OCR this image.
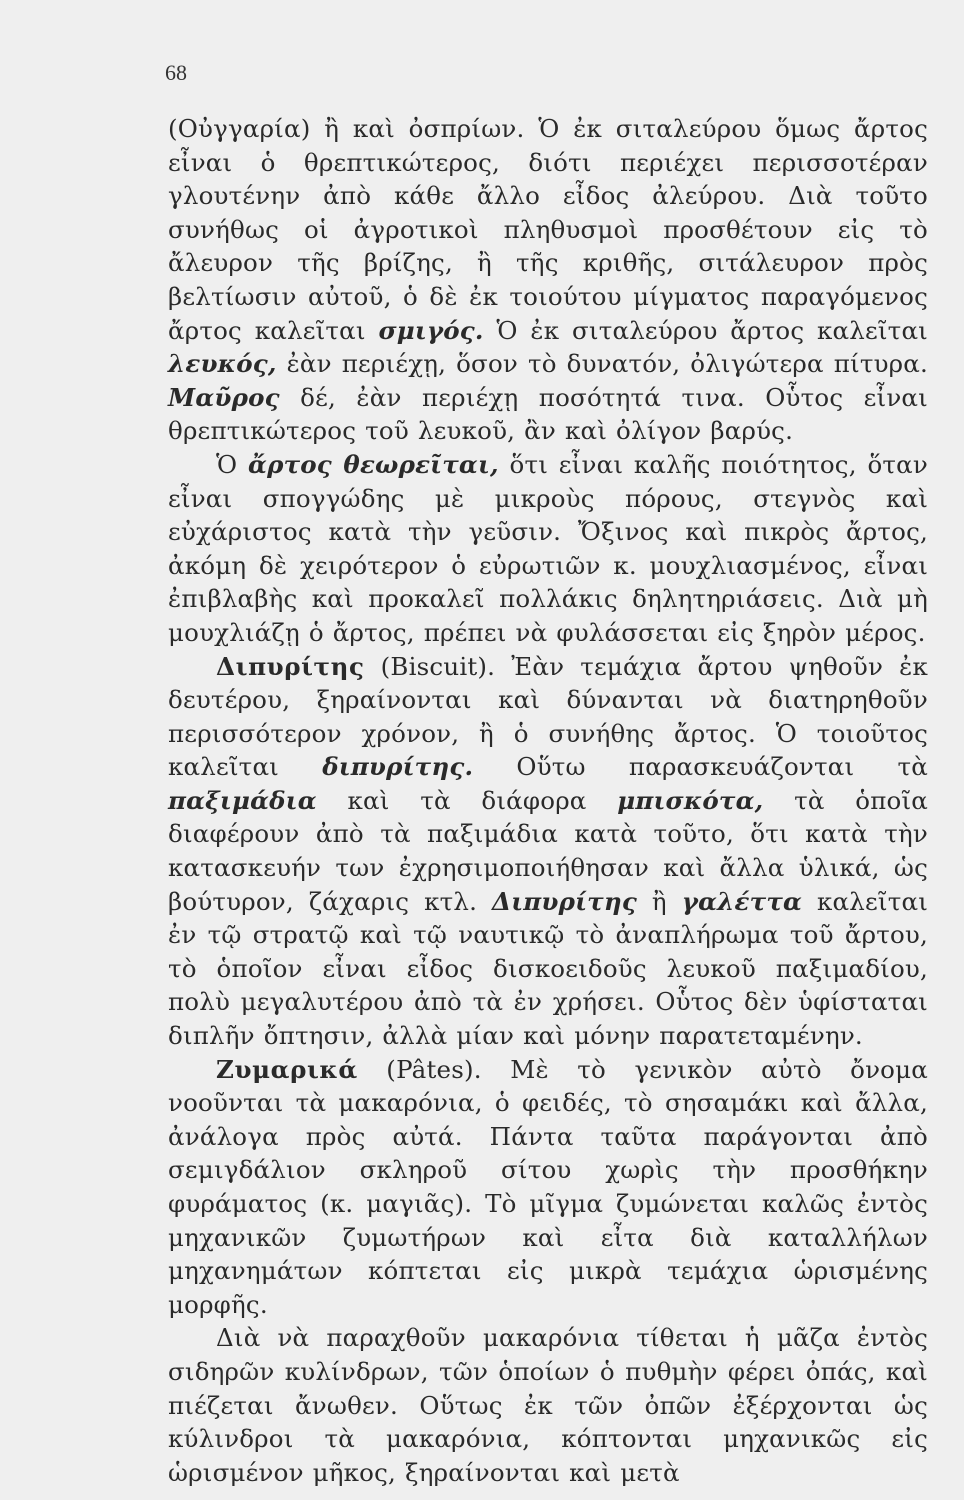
68

(Οὐγγαρία) ἢ καὶ ὀσπρίων. Ὁ ἐκ σιταλεύρου ὅμως ἄρτος εἶναι ὁ θρεπτικώτερος, διότι περιέχει περισσοτέραν γλουτένην ἀπὸ κάθε ἄλλο εἶδος ἀλεύρου. Διὰ τοῦτο συνήθως οἱ ἀγροτικοὶ πληθυσμοὶ προσθέτουν εἰς τὸ ἄλευρον τῆς βρίζης, ἢ τῆς κριθῆς, σιτάλευρον πρὸς βελτίωσιν αὐτοῦ, ὁ δὲ ἐκ τοιούτου μίγματος παραγόμενος ἄρτος καλεῖται σμιγός. Ὁ ἐκ σιταλεύρου ἄρτος καλεῖται λευκός, ἐὰν περιέχῃ, ὅσον τὸ δυνατόν, ὀλιγώτερα πίτυρα. Μαῦρος δέ, ἐὰν περιέχῃ ποσότητά τινα. Οὗτος εἶναι θρεπτικώτερος τοῦ λευκοῦ, ἂν καὶ ὀλίγον βαρύς.

Ὁ ἄρτος θεωρεῖται, ὅτι εἶναι καλῆς ποιότητος, ὅταν εἶναι σπογγώδης μὲ μικροὺς πόρους, στεγνὸς καὶ εὐχάριστος κατὰ τὴν γεῦσιν. Ὄξινος καὶ πικρὸς ἄρτος, ἀκόμη δὲ χειρότερον ὁ εὐρωτιῶν κ. μουχλιασμένος, εἶναι ἐπιβλαβὴς καὶ προκαλεῖ πολλάκις δηλητηριάσεις. Διὰ μὴ μουχλιάζῃ ὁ ἄρτος, πρέπει νὰ φυλάσσεται εἰς ξηρὸν μέρος.

Διπυρίτης (Biscuit). Ἐὰν τεμάχια ἄρτου ψηθοῦν ἐκ δευτέρου, ξηραίνονται καὶ δύνανται νὰ διατηρηθοῦν περισσότερον χρόνον, ἢ ὁ συνήθης ἄρτος. Ὁ τοιοῦτος καλεῖται διπυρίτης. Οὕτω παρασκευάζονται τὰ παξιμάδια καὶ τὰ διάφορα μπισκότα, τὰ ὁποῖα διαφέρουν ἀπὸ τὰ παξιμάδια κατὰ τοῦτο, ὅτι κατὰ τὴν κατασκευήν των ἐχρησιμοποιήθησαν καὶ ἄλλα ὑλικά, ὡς βούτυρον, ζάχαρις κτλ. Διπυρίτης ἢ γαλέττα καλεῖται ἐν τῷ στρατῷ καὶ τῷ ναυτικῷ τὸ ἀναπλήρωμα τοῦ ἄρτου, τὸ ὁποῖον εἶναι εἶδος δισκοειδοῦς λευκοῦ παξιμαδίου, πολὺ μεγαλυτέρου ἀπὸ τὰ ἐν χρήσει. Οὗτος δὲν ὑφίσταται διπλῆν ὄπτησιν, ἀλλὰ μίαν καὶ μόνην παρατεταμένην.

Ζυμαρικά (Pâtes). Μὲ τὸ γενικὸν αὐτὸ ὄνομα νοοῦνται τὰ μακαρόνια, ὁ φειδές, τὸ σησαμάκι καὶ ἄλλα, ἀνάλογα πρὸς αὐτά. Πάντα ταῦτα παράγονται ἀπὸ σεμιγδάλιον σκληροῦ σίτου χωρὶς τὴν προσθήκην φυράματος (κ. μαγιᾶς). Τὸ μῖγμα ζυμώνεται καλῶς ἐντὸς μηχανικῶν ζυμωτήρων καὶ εἶτα διὰ καταλλήλων μηχανημάτων κόπτεται εἰς μικρὰ τεμάχια ὡρισμένης μορφῆς.

Διὰ νὰ παραχθοῦν μακαρόνια τίθεται ἡ μᾶζα ἐντὸς σιδηρῶν κυλίνδρων, τῶν ὁποίων ὁ πυθμὴν φέρει ὀπάς, καὶ πιέζεται ἄνωθεν. Οὕτως ἐκ τῶν ὀπῶν ἐξέρχονται ὡς κύλινδροι τὰ μακαρόνια, κόπτονται μηχανικῶς εἰς ὡρισμένον μῆκος, ξηραίνονται καὶ μετὰ
